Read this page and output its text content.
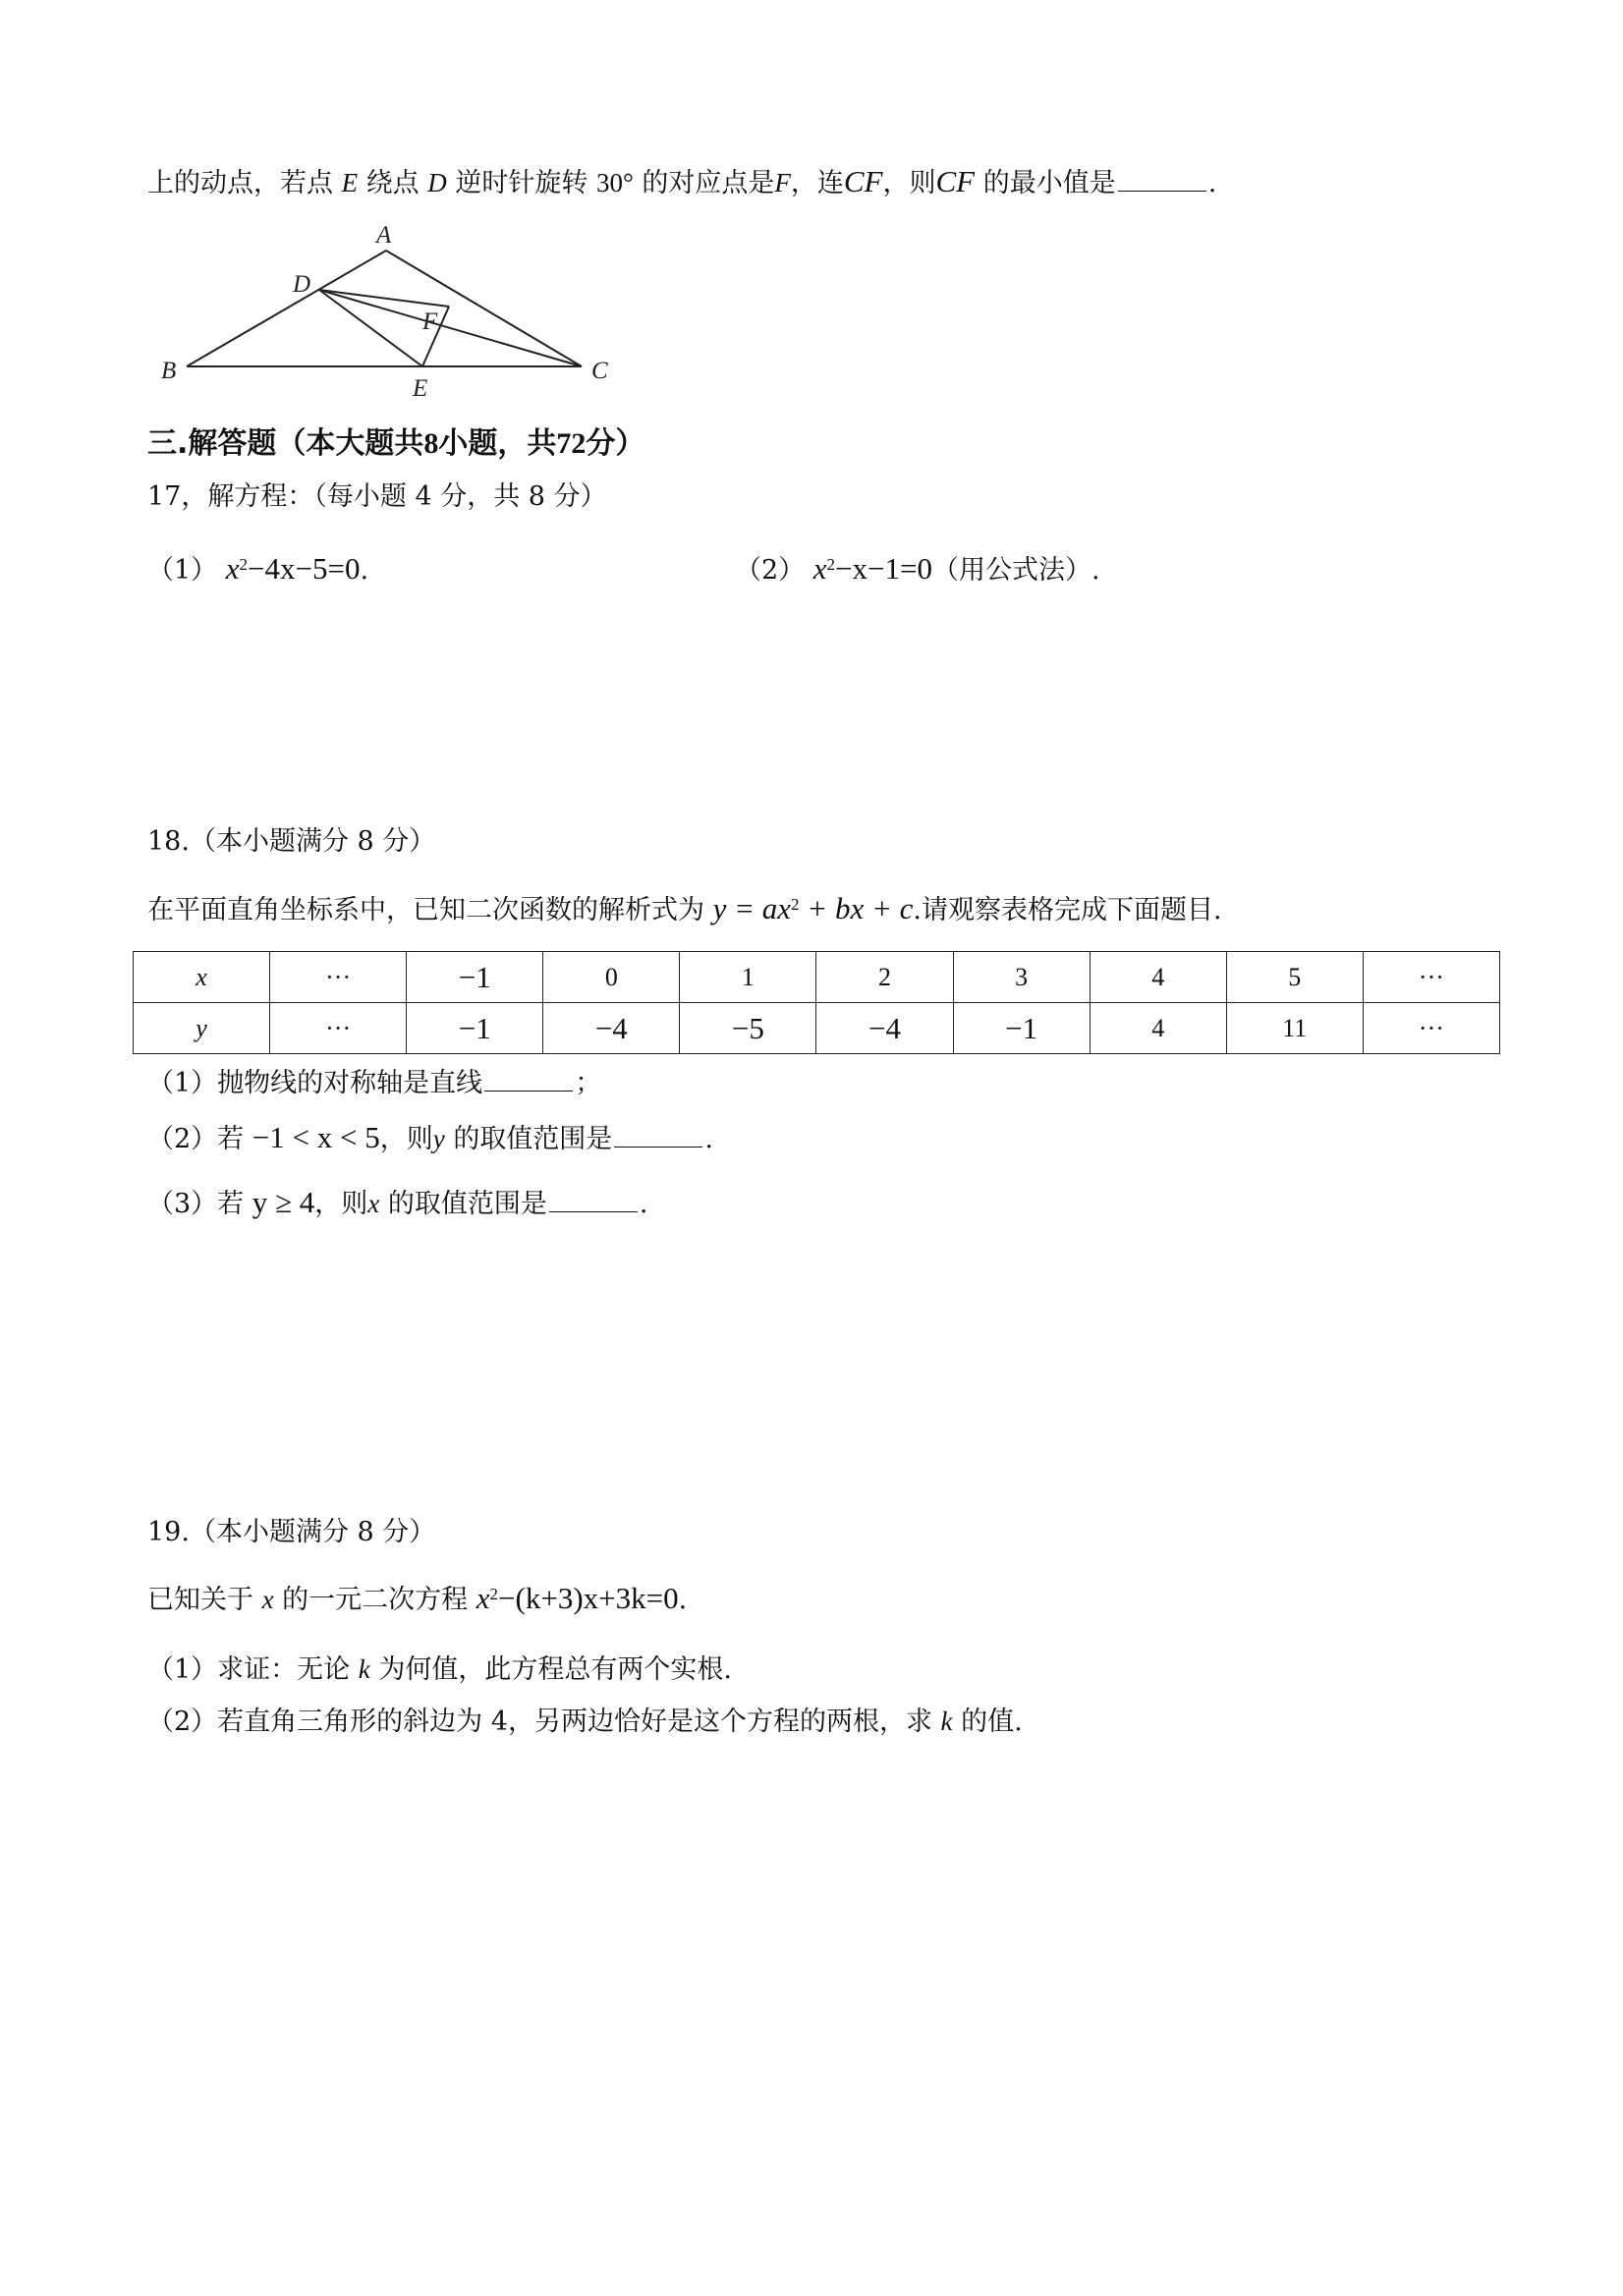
上的动点，若点 E 绕点 D 逆时针旋转 30° 的对应点是F，连CF，则CF 的最小值是	.
A
B	C
D
E
F
三.解答题（本大题共8小题，共72分）
17，解方程：（每小题 4 分，共 8 分）
（1） $x^2-4x-5=0$.	（2） $x^2-x-1=0$（用公式法）.
18.（本小题满分 8 分）
在平面直角坐标系中，已知二次函数的解析式为 $y = ax^2$ + bx + c.请观察表格完成下面题目.
x	···	−1	0	1	2	3	4	5	···
y	···	−1	−4	−5	−4	−1	4	11	···
（1）抛物线的对称轴是直线	；
（2）若 −1 < x < 5，则y 的取值范围是	.
（3）若 y ≥ 4，则x 的取值范围是	.
19.（本小题满分 8 分）
已知关于 x 的一元二次方程 $x^2-(k+3)x+3k=0$.
（1）求证：无论 k 为何值，此方程总有两个实根.
（2）若直角三角形的斜边为 4，另两边恰好是这个方程的两根，求 k 的值.
